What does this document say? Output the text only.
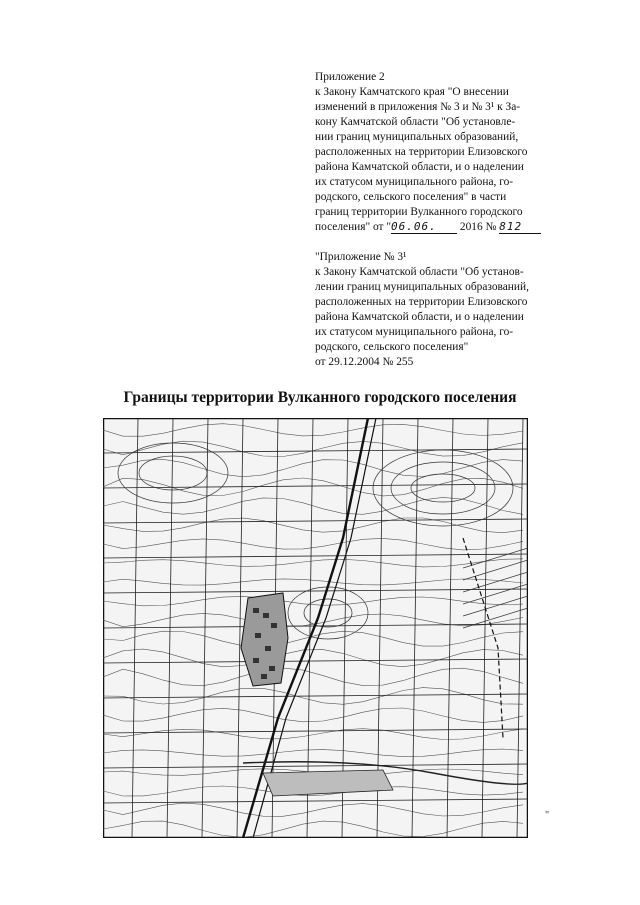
Приложение 2

к Закону Камчатского края "О внесении

изменений в приложения № 3 и № 3¹ к За-

кону Камчатской области "Об установле-

нии границ муниципальных образований,

расположенных на территории Елизовского

района Камчатской области, и о наделении

их статусом муниципального района, го-

родского, сельского поселения" в части

границ территории Вулканного городского

поселения" от "06.06. 2016 № 812

"Приложение № 3¹

к Закону Камчатской области "Об установ-

лении границ муниципальных образований,

расположенных на территории Елизовского

района Камчатской области, и о наделении

их статусом муниципального района, го-

родского, сельского поселения"

от 29.12.2004 № 255

Границы территории Вулканного городского поселения
"
